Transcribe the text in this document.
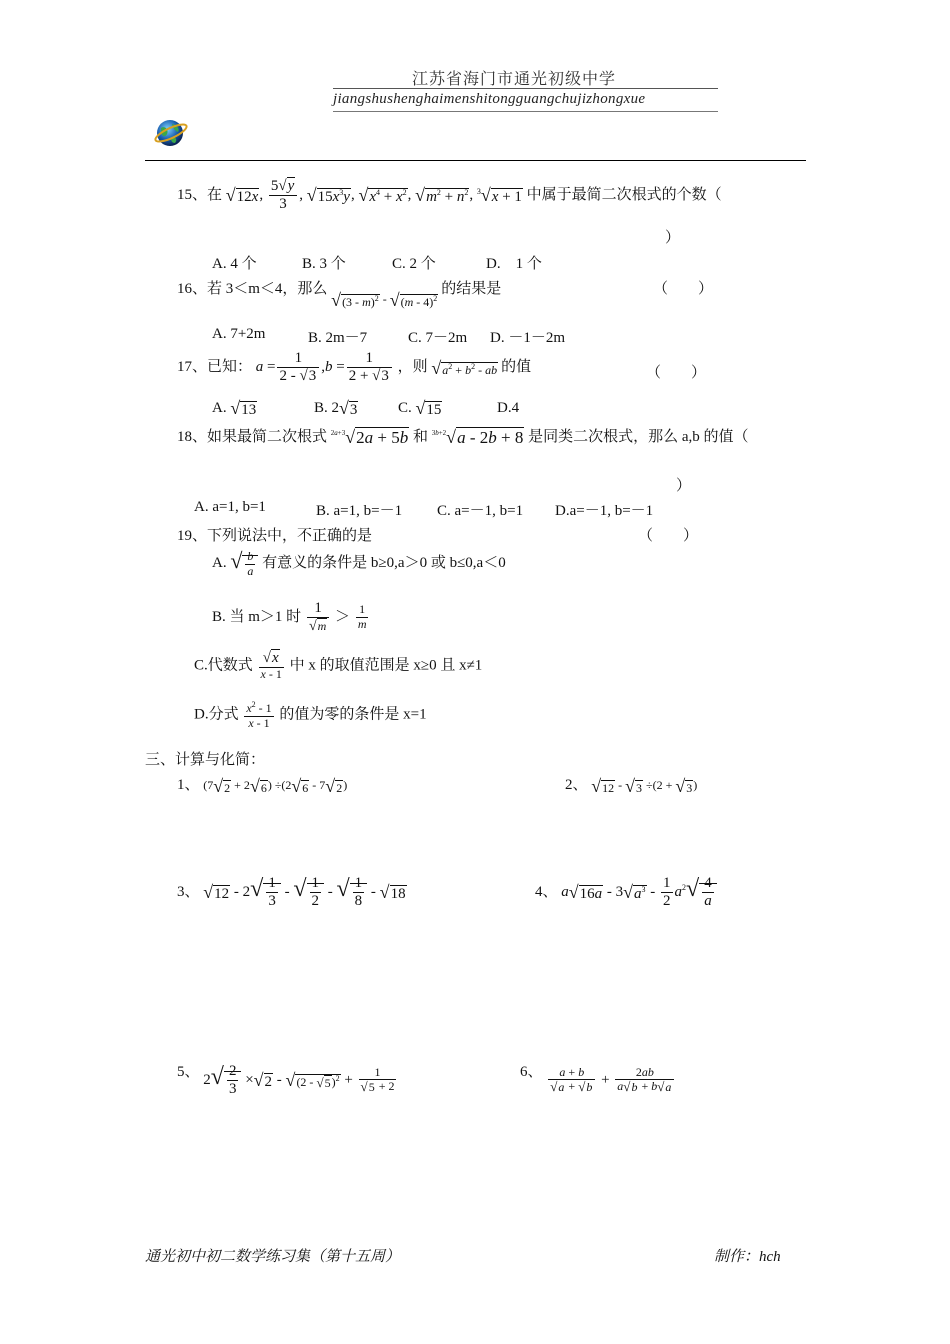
江苏省海门市通光初级中学
jiangshushenghaimenshitongguangchujizhongxue
15、在 √12x, $\frac{5√y}{3}$ , $√15x^3y$, $√x^4 + x^2$, $√m^2 + n^2$, $^3$√x + 1 中属于最简二次根式的个数（
）
A. 4 个	B. 3 个	C. 2 个	D.　1 个
16、若 3＜m＜4，那么 $_{√(3 - m)^2 - √(m - 4)^2}$ 的结果是	（　　）
A. 7+2m	B. 2m－7	C. 7－2m D. －1－2m
17、已知： $a = \frac{1}{2 - √3} ,b = \frac{1}{2 + √3}$ ，则 $√a^2 + b^2$ - ab 的值	（　　）
A. √13	B. 2√3	C. √15	D.4
18、如果最简二次根式 $^{2a+3}$√2a + 5b 和 $^{3b+2}$√a - 2b + 8 是同类二次根式，那么 a,b 的值（
）
A. a=1, b=1	B. a=1, b=－1 C. a=－1, b=1 D.a=－1, b=－1
19、下列说法中，不正确的是	（　　）
A. √ $\frac{b}{a}$ 有意义的条件是 b≥0,a＞0 或 b≤0,a＜0
B. 当 m＞1 时 $\frac{1}{√m} > \frac{1}{m}$
C.代数式 $\frac{√x}{x - 1}$ 中 x 的取值范围是 x≥0 且 x≠1
D.分式 $\frac{x^2 - 1}{x - 1}$ 的值为零的条件是 x=1
三、计算与化简：
1、 (7√2 + 2√6) ÷(2√6 - 7√2)	2、 √12 - √3 ÷(2 + √3)
3、 $√12 - 2√ \frac{1}{3}$ - √ $\frac{1}{2}$ - √ $\frac{1}{8} - √18$	4、 $a√16a - 3√a^3 - \frac{1}{2} a^2√ \frac{4}{a}$
5、 $2√ \frac{2}{3} \times√2 - √(2 - √5)^2 + \frac{1}{√5 + 2}$	6、 $\frac{a + b}{√a + √b} + \frac{2ab}{a√b + b√a}$
通光初中初二数学练习集（第十五周）	制作：hch
